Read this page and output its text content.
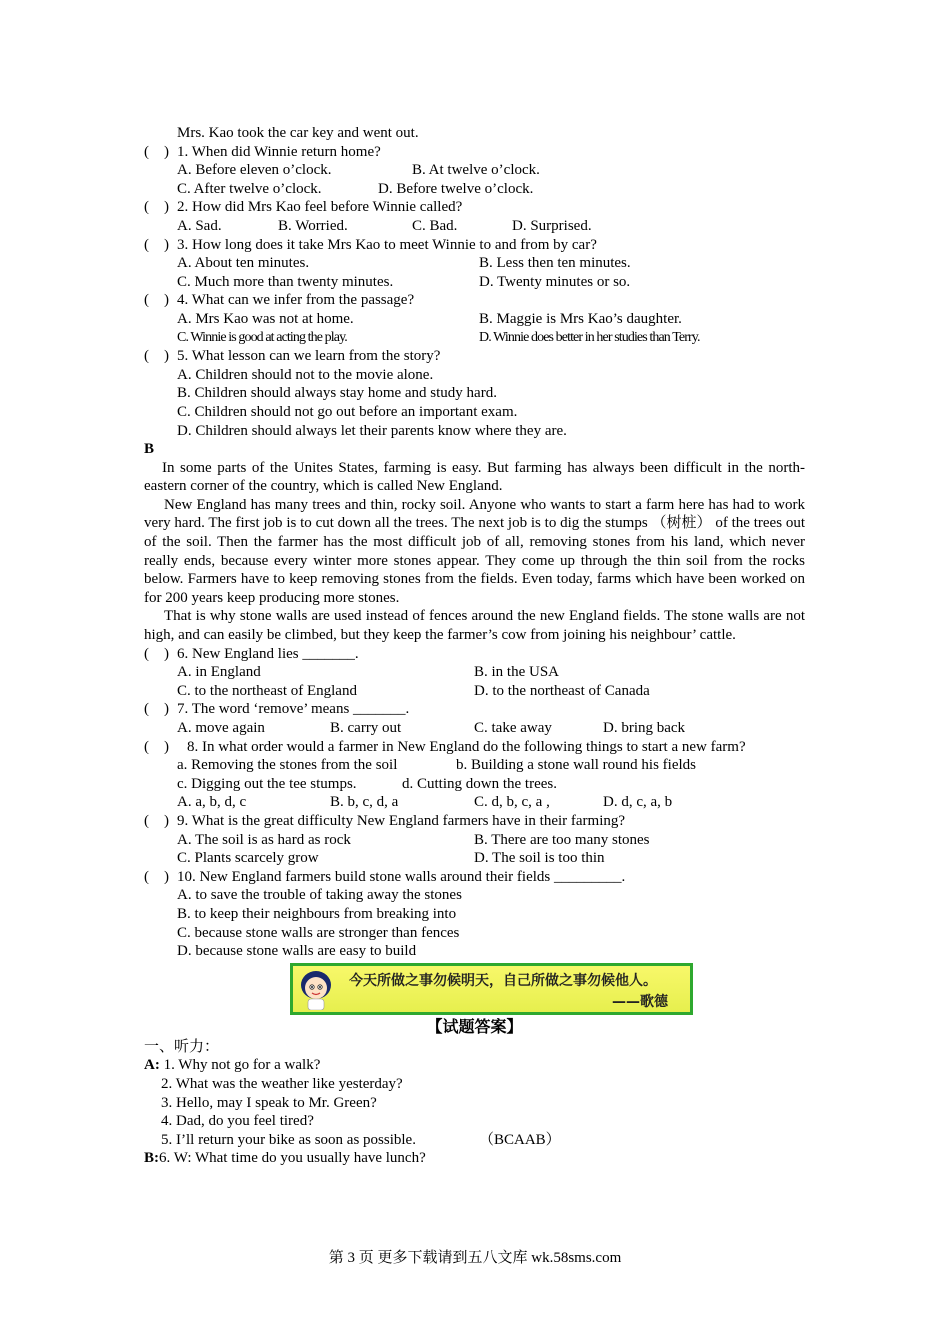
Mrs. Kao took the car key and went out.
(　) 1. When did Winnie return home?
A. Before eleven o’clock.	B. At twelve o’clock.
C. After twelve o’clock.	D. Before twelve o’clock.
(　) 2. How did Mrs Kao feel before Winnie called?
A. Sad.	B. Worried.	C. Bad.	D. Surprised.
(　) 3. How long does it take Mrs Kao to meet Winnie to and from by car?
A. About ten minutes.	B. Less then ten minutes.
C. Much more than twenty minutes.	D. Twenty minutes or so.
(　) 4. What can we infer from the passage?
A. Mrs Kao was not at home.	B. Maggie is Mrs Kao’s daughter.
C. Winnie is good at acting the play.	D. Winnie does better in her studies than Terry.
(　) 5. What lesson can we learn from the story?
A. Children should not to the movie alone.
B. Children should always stay home and study hard.
C. Children should not go out before an important exam.
D. Children should always let their parents know where they are.
B
In some parts of the Unites States, farming is easy. But farming has always been difficult in the north-eastern corner of the country, which is called New England.
New England has many trees and thin, rocky soil. Anyone who wants to start a farm here has had to work very hard. The first job is to cut down all the trees. The next job is to dig the stumps （树桩） of the trees out of the soil. Then the farmer has the most difficult job of all, removing stones from his land, which never really ends, because every winter more stones appear. They come up through the thin soil from the rocks below. Farmers have to keep removing stones from the fields. Even today, farms which have been worked on for 200 years keep producing more stones.
That is why stone walls are used instead of fences around the new England fields. The stone walls are not high, and can easily be climbed, but they keep the farmer’s cow from joining his neighbour’ cattle.
(　) 6. New England lies _______.
A. in England	B. in the USA
C. to the northeast of England	D. to the northeast of Canada
(　) 7. The word ‘remove’ means _______.
A. move again	B. carry out	C. take away	D. bring back
(　) 8. In what order would a farmer in New England do the following things to start a new farm?
a. Removing the stones from the soil	b. Building a stone wall round his fields
c. Digging out the tee stumps.	d. Cutting down the trees.
A. a, b, d, c	B. b, c, d, a	C. d, b, c, a ,	D. d, c, a, b
(　) 9. What is the great difficulty New England farmers have in their farming?
A. The soil is as hard as rock	B. There are too many stones
C. Plants scarcely grow	D. The soil is too thin
(　) 10. New England farmers build stone walls around their fields _________.
A. to save the trouble of taking away the stones
B. to keep their neighbours from breaking into
C. because stone walls are stronger than fences
D. because stone walls are easy to build
今天所做之事勿候明天，自己所做之事勿候他人。
——歌德
【试题答案】
一、听力：
A: 1. Why not go for a walk?
2. What was the weather like yesterday?
3. Hello, may I speak to Mr. Green?
4. Dad, do you feel tired?
5. I’ll return your bike as soon as possible.	（BCAAB）
B:6. W: What time do you usually have lunch?
第 3 页 更多下载请到五八文库 wk.58sms.com
